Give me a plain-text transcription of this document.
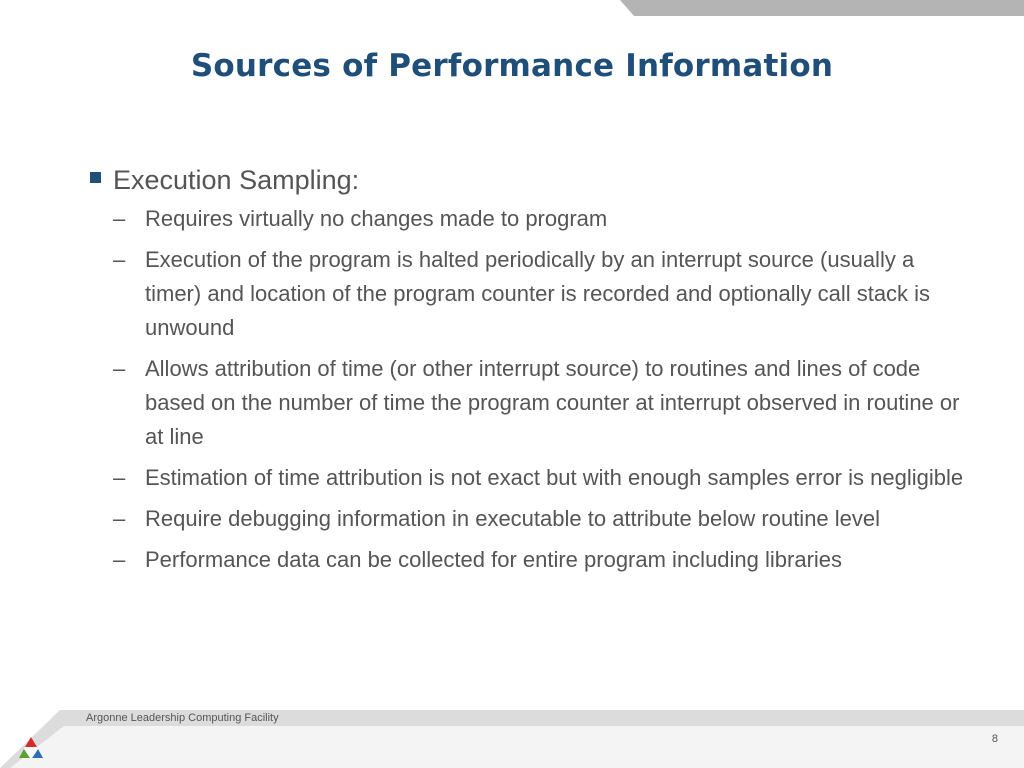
Sources of Performance Information
Execution Sampling:
– Requires virtually no changes made to program
– Execution of the program is halted periodically by an interrupt source (usually a timer) and location of the program counter is recorded and optionally call stack is unwound
– Allows attribution of time (or other interrupt source) to routines and lines of code based on the number of time the program counter at interrupt observed in routine or at line
– Estimation of time attribution is not exact but with enough samples error is negligible
– Require debugging information in executable to attribute below routine level
– Performance data can be collected for entire program including libraries
Argonne Leadership Computing Facility
8
